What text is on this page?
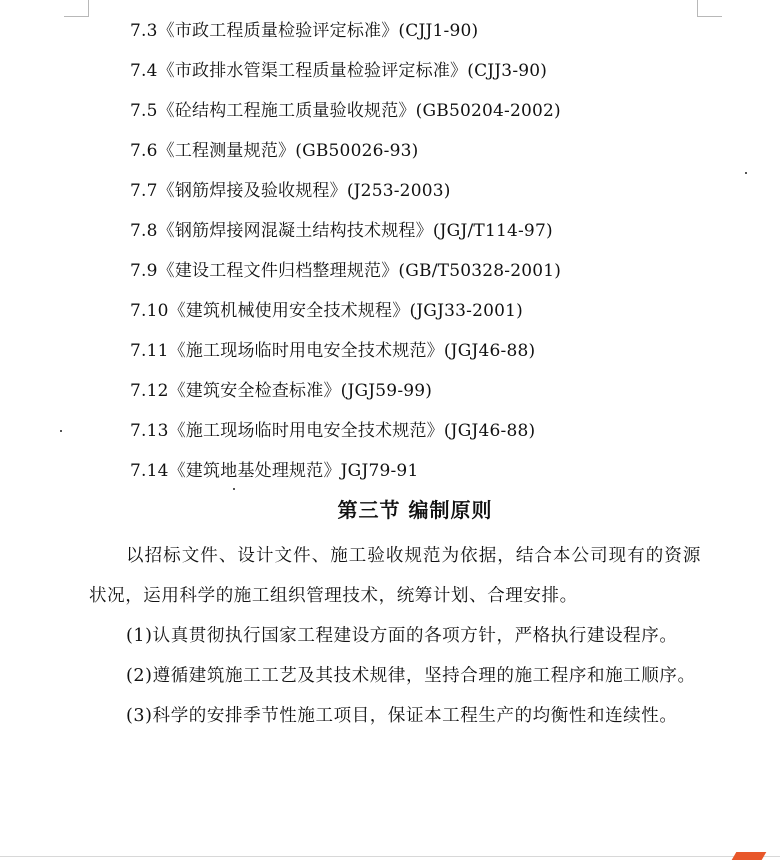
7.3《市政工程质量检验评定标准》(CJJ1-90)
7.4《市政排水管渠工程质量检验评定标准》(CJJ3-90)
7.5《砼结构工程施工质量验收规范》(GB50204-2002)
7.6《工程测量规范》(GB50026-93)
7.7《钢筋焊接及验收规程》(J253-2003)
7.8《钢筋焊接网混凝土结构技术规程》(JGJ/T114-97)
7.9《建设工程文件归档整理规范》(GB/T50328-2001)
7.10《建筑机械使用安全技术规程》(JGJ33-2001)
7.11《施工现场临时用电安全技术规范》(JGJ46-88)
7.12《建筑安全检查标准》(JGJ59-99)
7.13《施工现场临时用电安全技术规范》(JGJ46-88)
7.14《建筑地基处理规范》JGJ79-91
第三节 编制原则

以招标文件、设计文件、施工验收规范为依据，结合本公司现有的资源状况，运用科学的施工组织管理技术，统筹计划、合理安排。

(1)认真贯彻执行国家工程建设方面的各项方针，严格执行建设程序。

(2)遵循建筑施工工艺及其技术规律，坚持合理的施工程序和施工顺序。

(3)科学的安排季节性施工项目，保证本工程生产的均衡性和连续性。
